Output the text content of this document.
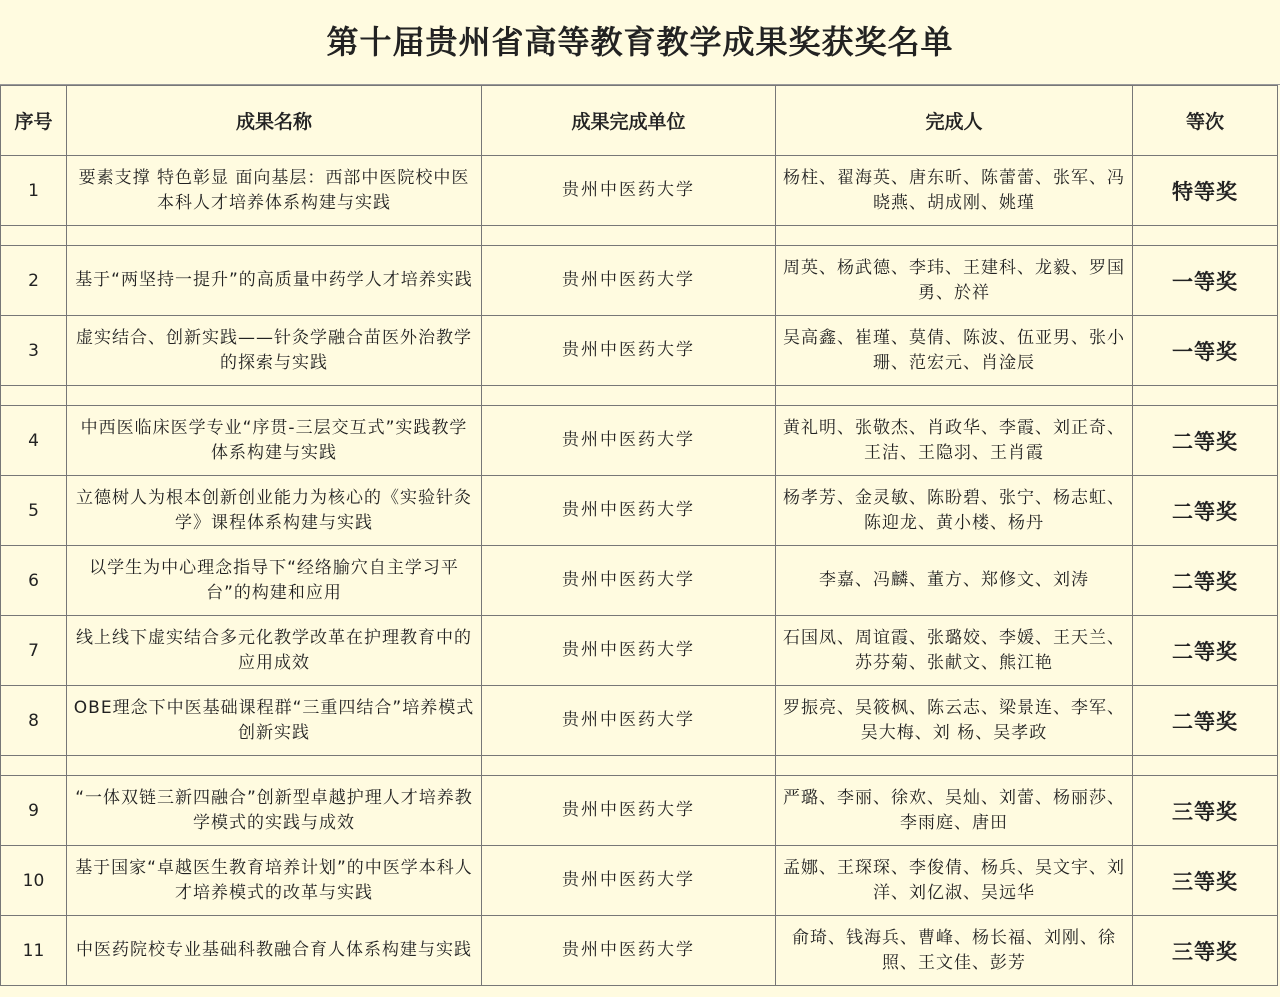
第十届贵州省高等教育教学成果奖获奖名单
序号	成果名称	成果完成单位	完成人	等次
1	要素支撑 特色彰显 面向基层：西部中医院校中医本科人才培养体系构建与实践	贵州中医药大学	杨柱、翟海英、唐东昕、陈蕾蕾、张军、冯晓燕、胡成刚、姚瑾	特等奖

2	基于“两坚持一提升”的高质量中药学人才培养实践	贵州中医药大学	周英、杨武德、李玮、王建科、龙毅、罗国勇、於祥	一等奖
3	虚实结合、创新实践——针灸学融合苗医外治教学的探索与实践	贵州中医药大学	吴高鑫、崔瑾、莫倩、陈波、伍亚男、张小珊、范宏元、肖淦辰	一等奖

4	中西医临床医学专业“序贯-三层交互式”实践教学体系构建与实践	贵州中医药大学	黄礼明、张敬杰、肖政华、李霞、刘正奇、王洁、王隐羽、王肖霞	二等奖
5	立德树人为根本创新创业能力为核心的《实验针灸学》课程体系构建与实践	贵州中医药大学	杨孝芳、金灵敏、陈盼碧、张宁、杨志虹、陈迎龙、黄小楼、杨丹	二等奖
6	以学生为中心理念指导下“经络腧穴自主学习平台”的构建和应用	贵州中医药大学	李嘉、冯麟、董方、郑修文、刘涛	二等奖
7	线上线下虚实结合多元化教学改革在护理教育中的应用成效	贵州中医药大学	石国凤、周谊霞、张璐姣、李媛、王天兰、苏芬菊、张献文、熊江艳	二等奖
8	OBE理念下中医基础课程群“三重四结合”培养模式创新实践	贵州中医药大学	罗振亮、吴筱枫、陈云志、梁景连、李军、 吴大梅、刘 杨、吴孝政	二等奖

9	“一体双链三新四融合”创新型卓越护理人才培养教学模式的实践与成效	贵州中医药大学	严璐、李丽、徐欢、吴灿、刘蕾、杨丽莎、李雨庭、唐田	三等奖
10	基于国家“卓越医生教育培养计划”的中医学本科人才培养模式的改革与实践	贵州中医药大学	孟娜、王琛琛、李俊倩、杨兵、吴文宇、刘洋、刘亿淑、吴远华	三等奖
11	中医药院校专业基础科教融合育人体系构建与实践	贵州中医药大学	俞琦、钱海兵、曹峰、杨长福、刘刚、徐照、王文佳、彭芳	三等奖
